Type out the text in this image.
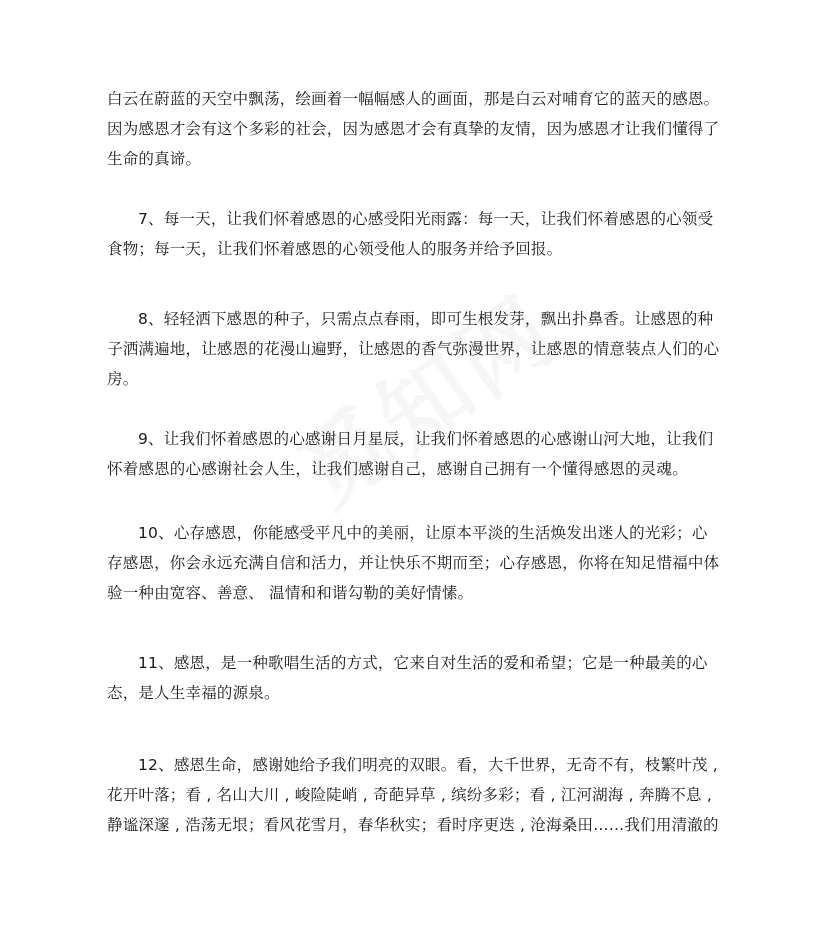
白云在蔚蓝的天空中飘荡，绘画着一幅幅感人的画面，那是白云对哺育它的蓝天的感恩。

因为感恩才会有这个多彩的社会，因为感恩才会有真挚的友情，因为感恩才让我们懂得了

生命的真谛。

7、每一天，让我们怀着感恩的心感受阳光雨露：每一天，让我们怀着感恩的心领受

食物；每一天，让我们怀着感恩的心领受他人的服务并给予回报。

8、轻轻洒下感恩的种子，只需点点春雨，即可生根发芽，飘出扑鼻香。让感恩的种

子洒满遍地，让感恩的花漫山遍野，让感恩的香气弥漫世界，让感恩的情意装点人们的心

房。

9、让我们怀着感恩的心感谢日月星辰，让我们怀着感恩的心感谢山河大地，让我们

怀着感恩的心感谢社会人生，让我们感谢自己，感谢自己拥有一个懂得感恩的灵魂。

10、心存感恩，你能感受平凡中的美丽，让原本平淡的生活焕发出迷人的光彩；心

存感恩，你会永远充满自信和活力，并让快乐不期而至；心存感恩，你将在知足惜福中体

验一种由宽容、善意、 温情和和谐勾勒的美好情愫。

11、感恩，是一种歌唱生活的方式，它来自对生活的爱和希望；它是一种最美的心

态，是人生幸福的源泉。

12、感恩生命，感谢她给予我们明亮的双眼。看，大千世界，无奇不有，枝繁叶茂 ,

花开叶落；看 , 名山大川 , 峻险陡峭 , 奇葩异草 , 缤纷多彩；看 , 江河湖海 , 奔腾不息 ,

静谧深邃 , 浩荡无垠；看风花雪月，春华秋实；看时序更迭 , 沧海桑田……我们用清澈的
